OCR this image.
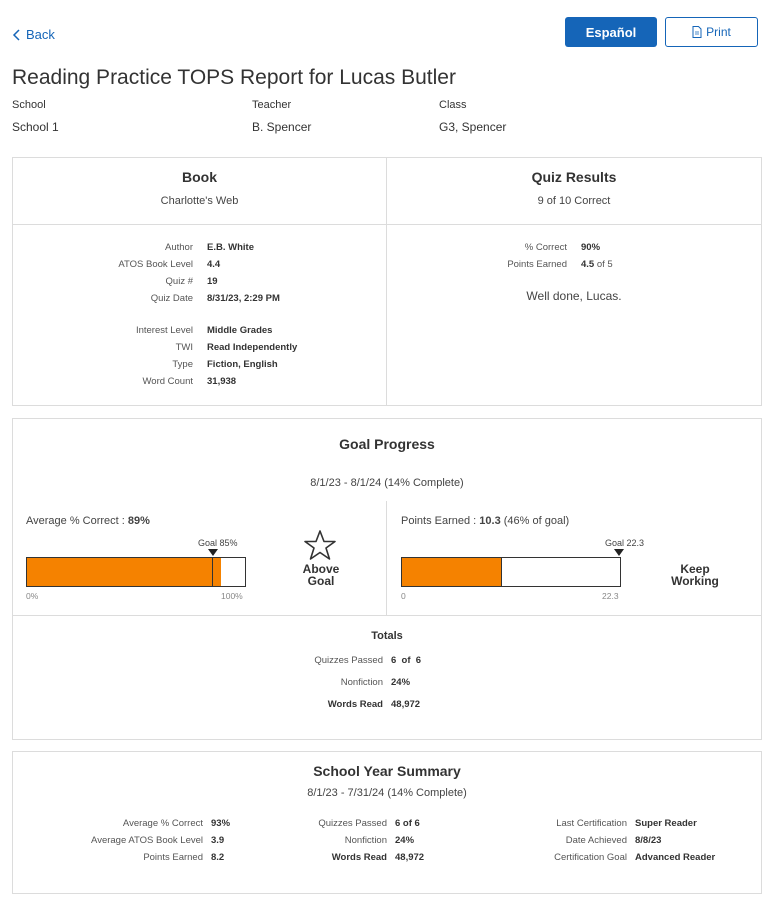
Back	Español	Print
Reading Practice TOPS Report for Lucas Butler
School
School 1
Teacher
B. Spencer
Class
G3, Spencer
Book
Charlotte's Web
Author E.B. White
ATOS Book Level 4.4
Quiz # 19
Quiz Date 8/31/23, 2:29 PM
Interest Level Middle Grades
TWI Read Independently
Type Fiction, English
Word Count 31,938
Quiz Results
9 of 10 Correct
% Correct 90%
Points Earned 4.5 of 5
Well done, Lucas.
Goal Progress
8/1/23 - 8/1/24 (14% Complete)
Average % Correct : 89%
Goal 85%
0%	100%
Above
Goal
Points Earned : 10.3 (46% of goal)
Goal 22.3
0	22.3
Keep
Working
Totals
Quizzes Passed 6  of  6
Nonfiction 24%
Words Read 48,972
School Year Summary
8/1/23 - 7/31/24 (14% Complete)
Average % Correct 93%
Average ATOS Book Level 3.9
Points Earned 8.2
Quizzes Passed 6 of 6
Nonfiction 24%
Words Read 48,972
Last Certification Super Reader
Date Achieved 8/8/23
Certification Goal Advanced Reader
